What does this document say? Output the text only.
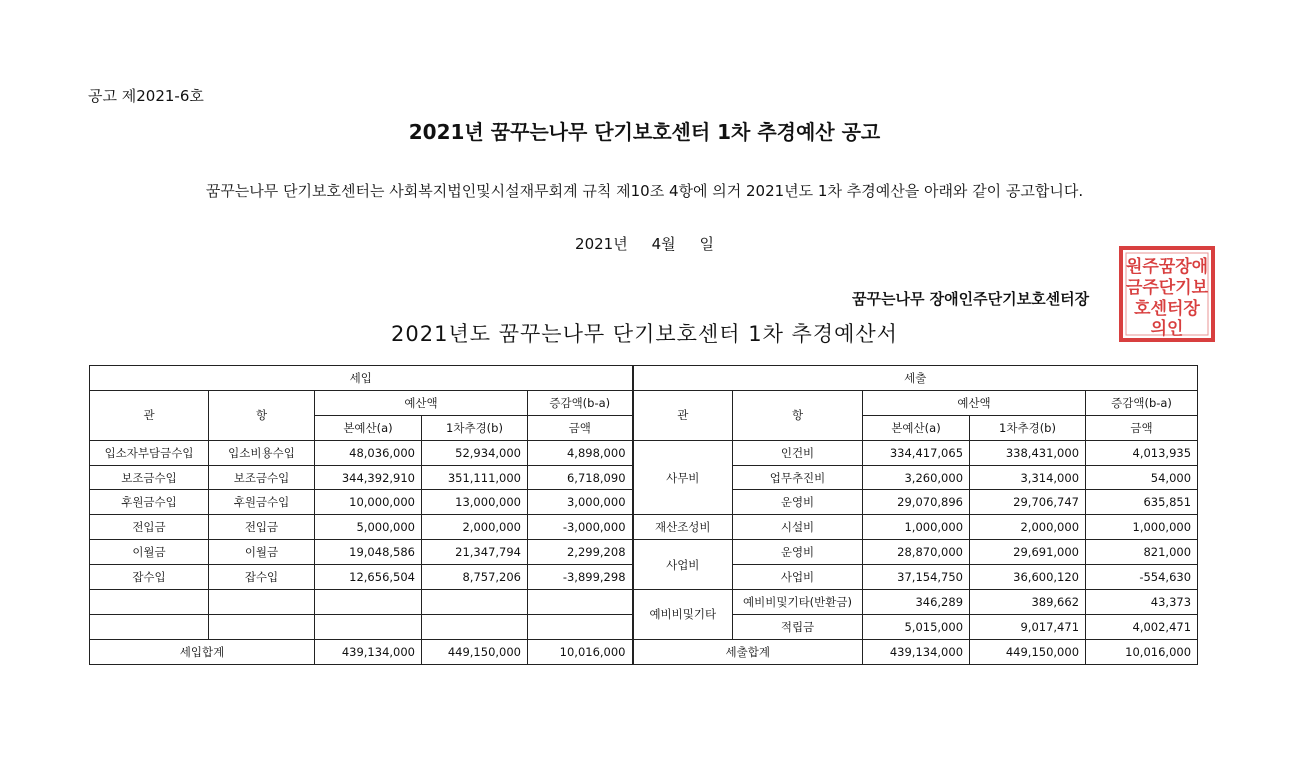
공고 제2021-6호
2021년 꿈꾸는나무 단기보호센터 1차 추경예산 공고
꿈꾸는나무 단기보호센터는 사회복지법인및시설재무회계 규칙 제10조 4항에 의거 2021년도 1차 추경예산을 아래와 같이 공고합니다.
2021년 4월 일
꿈꾸는나무 장애인주단기보호센터장
원주꿈장애
금주단기보
호센터장
의인
2021년도 꿈꾸는나무 단기보호센터 1차 추경예산서
세입					세출				
관	항	예산액		증감액(b-a)	관	항	예산액		증감액(b-a)
		본예산(a)	1차추경(b)	금액			본예산(a)	1차추경(b)	금액
입소자부담금수입	입소비용수입	48,036,000	52,934,000	4,898,000	사무비	인건비	334,417,065	338,431,000	4,013,935
보조금수입	보조금수입	344,392,910	351,111,000	6,718,090		업무추진비	3,260,000	3,314,000	54,000
후원금수입	후원금수입	10,000,000	13,000,000	3,000,000		운영비	29,070,896	29,706,747	635,851
전입금	전입금	5,000,000	2,000,000	-3,000,000	재산조성비	시설비	1,000,000	2,000,000	1,000,000
이월금	이월금	19,048,586	21,347,794	2,299,208	사업비	운영비	28,870,000	29,691,000	821,000
잡수입	잡수입	12,656,504	8,757,206	-3,899,298		사업비	37,154,750	36,600,120	-554,630
					예비비및기타	예비비및기타(반환금)	346,289	389,662	43,373
						적립금	5,015,000	9,017,471	4,002,471
세입합계		439,134,000	449,150,000	10,016,000	세출합계		439,134,000	449,150,000	10,016,000
